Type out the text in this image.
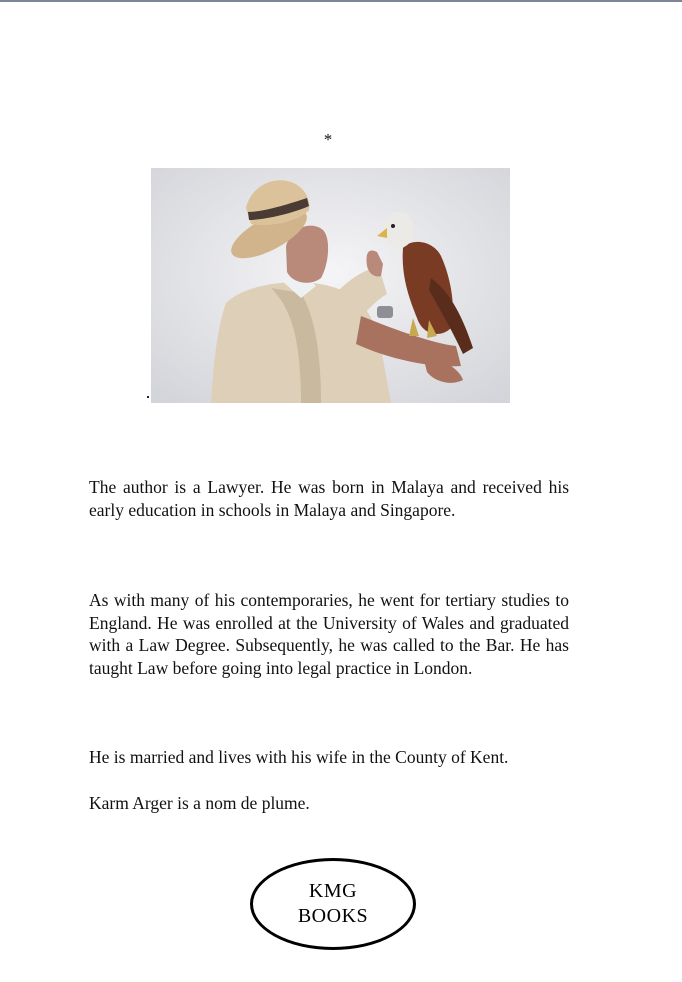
*

The author is a Lawyer. He was born in Malaya and received his early education in schools in Malaya and Singapore.

As with many of his contemporaries, he went for tertiary studies to England. He was enrolled at the University of Wales and graduated with a Law Degree. Subsequently, he was called to the Bar. He has taught Law before going into legal practice in London.

He is married and lives with his wife in the County of Kent.

Karm Arger is a nom de plume.

KMG
BOOKS
